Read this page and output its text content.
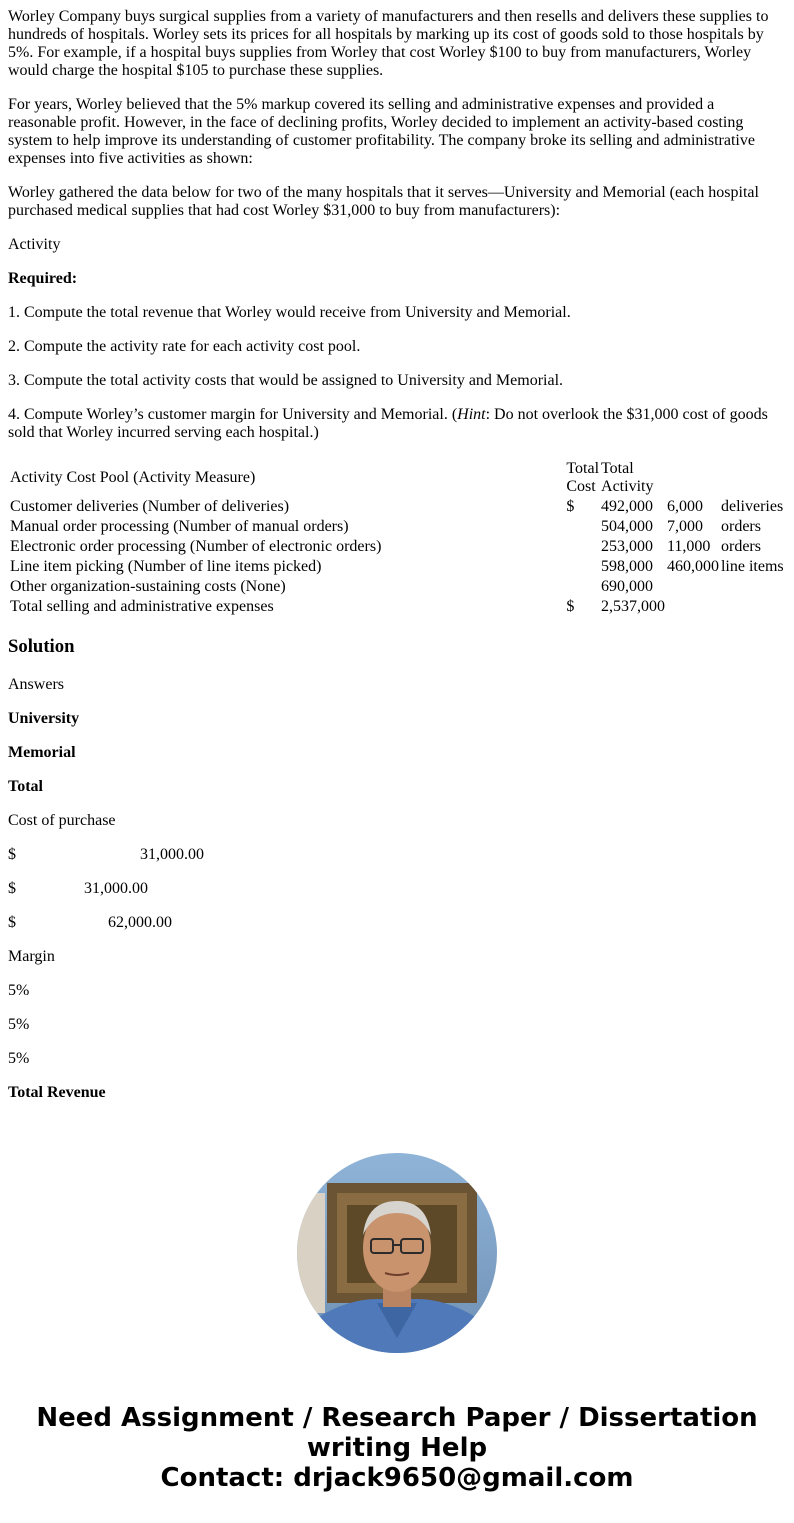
Worley Company buys surgical supplies from a variety of manufacturers and then resells and delivers these supplies to hundreds of hospitals. Worley sets its prices for all hospitals by marking up its cost of goods sold to those hospitals by 5%. For example, if a hospital buys supplies from Worley that cost Worley $100 to buy from manufacturers, Worley would charge the hospital $105 to purchase these supplies.

For years, Worley believed that the 5% markup covered its selling and administrative expenses and provided a reasonable profit. However, in the face of declining profits, Worley decided to implement an activity-based costing system to help improve its understanding of customer profitability. The company broke its selling and administrative expenses into five activities as shown:

Worley gathered the data below for two of the many hospitals that it serves—University and Memorial (each hospital purchased medical supplies that had cost Worley $31,000 to buy from manufacturers):

Activity

Required:

1. Compute the total revenue that Worley would receive from University and Memorial.

2. Compute the activity rate for each activity cost pool.

3. Compute the total activity costs that would be assigned to University and Memorial.

4. Compute Worley’s customer margin for University and Memorial. (Hint: Do not overlook the $31,000 cost of goods sold that Worley incurred serving each hospital.)

Activity Cost Pool (Activity Measure)	Total Cost	Total Activity		
Customer deliveries (Number of deliveries)	$	492,000	6,000	deliveries
Manual order processing (Number of manual orders)		504,000	7,000	orders
Electronic order processing (Number of electronic orders)		253,000	11,000	orders
Line item picking (Number of line items picked)		598,000	460,000	line items
Other organization-sustaining costs (None)		690,000		
Total selling and administrative expenses	$	2,537,000		
Solution

Answers

University

Memorial

Total

Cost of purchase

$	31,000.00

$	31,000.00

$	62,000.00

Margin

5%

5%

5%

Total Revenue

Need Assignment / Research Paper / Dissertation
writing Help
Contact: drjack9650@gmail.com
